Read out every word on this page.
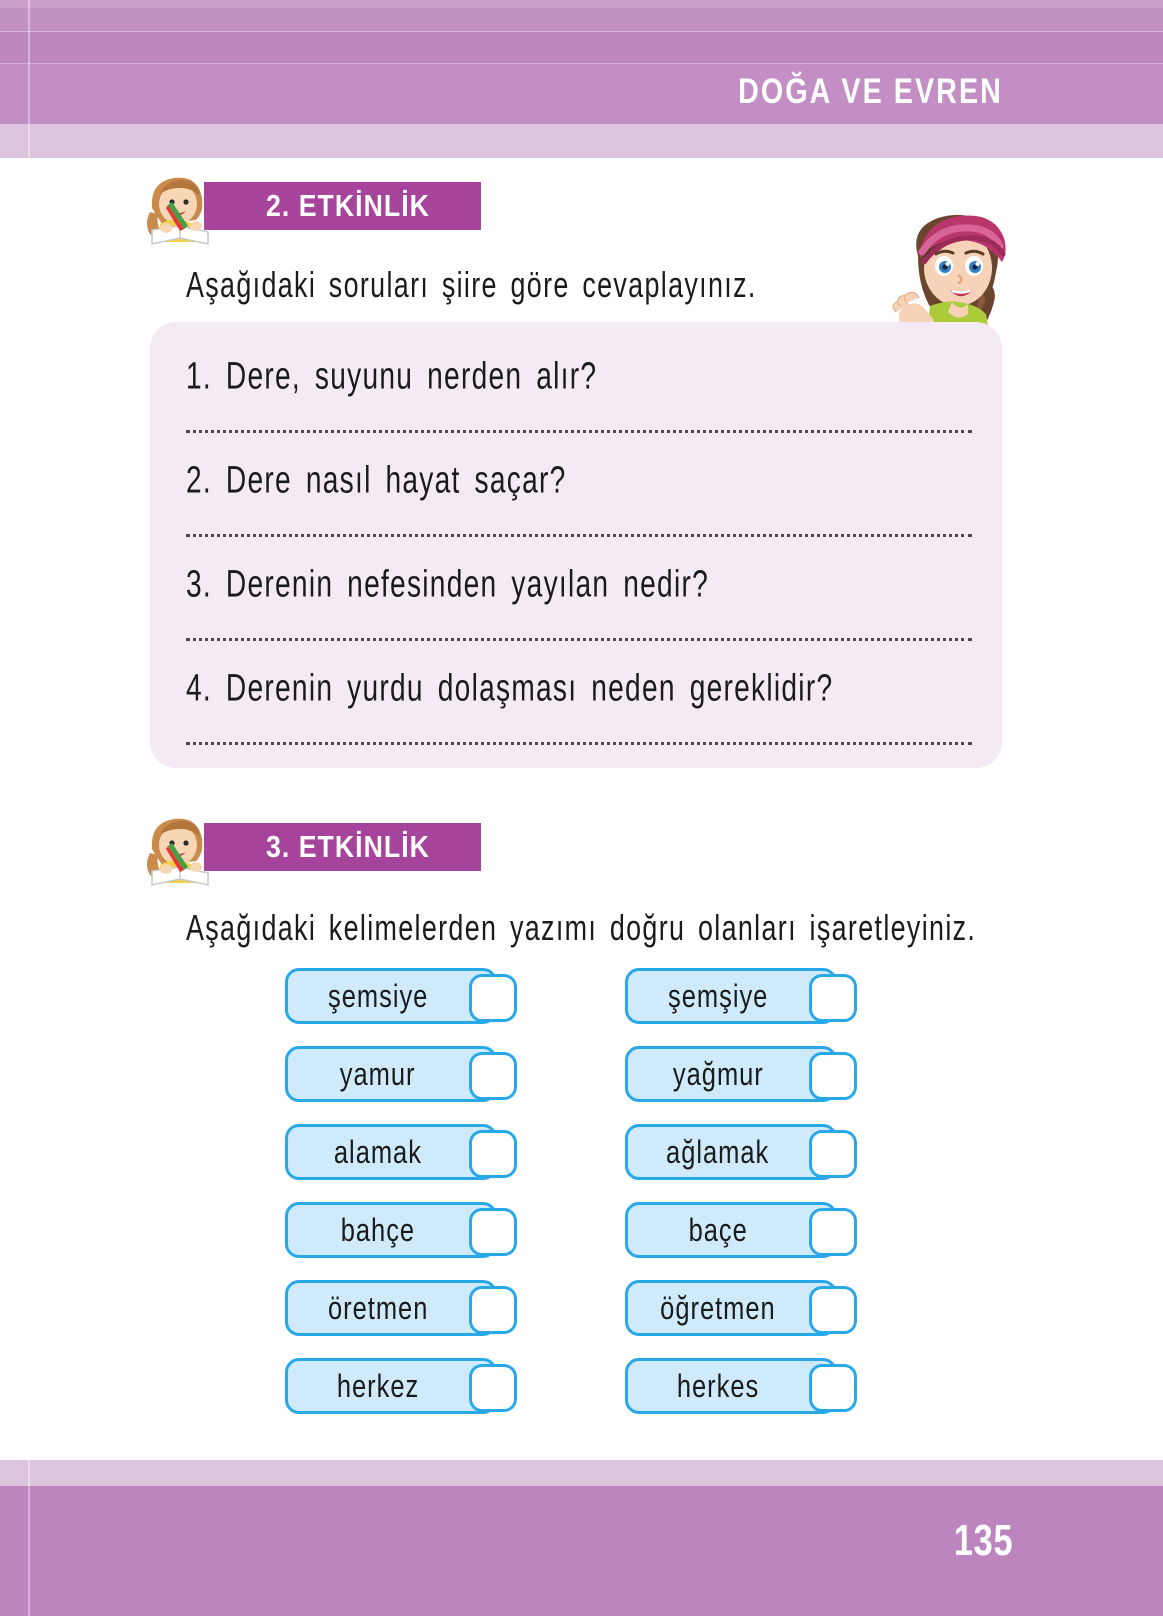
DOĞA VE EVREN
2. ETKİNLİK
Aşağıdaki soruları şiire göre cevaplayınız.
1. Dere, suyunu nerden alır?
2. Dere nasıl hayat saçar?
3. Derenin nefesinden yayılan nedir?
4. Derenin yurdu dolaşması neden gereklidir?
3. ETKİNLİK
Aşağıdaki kelimelerden yazımı doğru olanları işaretleyiniz.
şemsiye	şemşiye
yamur	yağmur
alamak	ağlamak
bahçe	baçe
öretmen	öğretmen
herkez	herkes
135
